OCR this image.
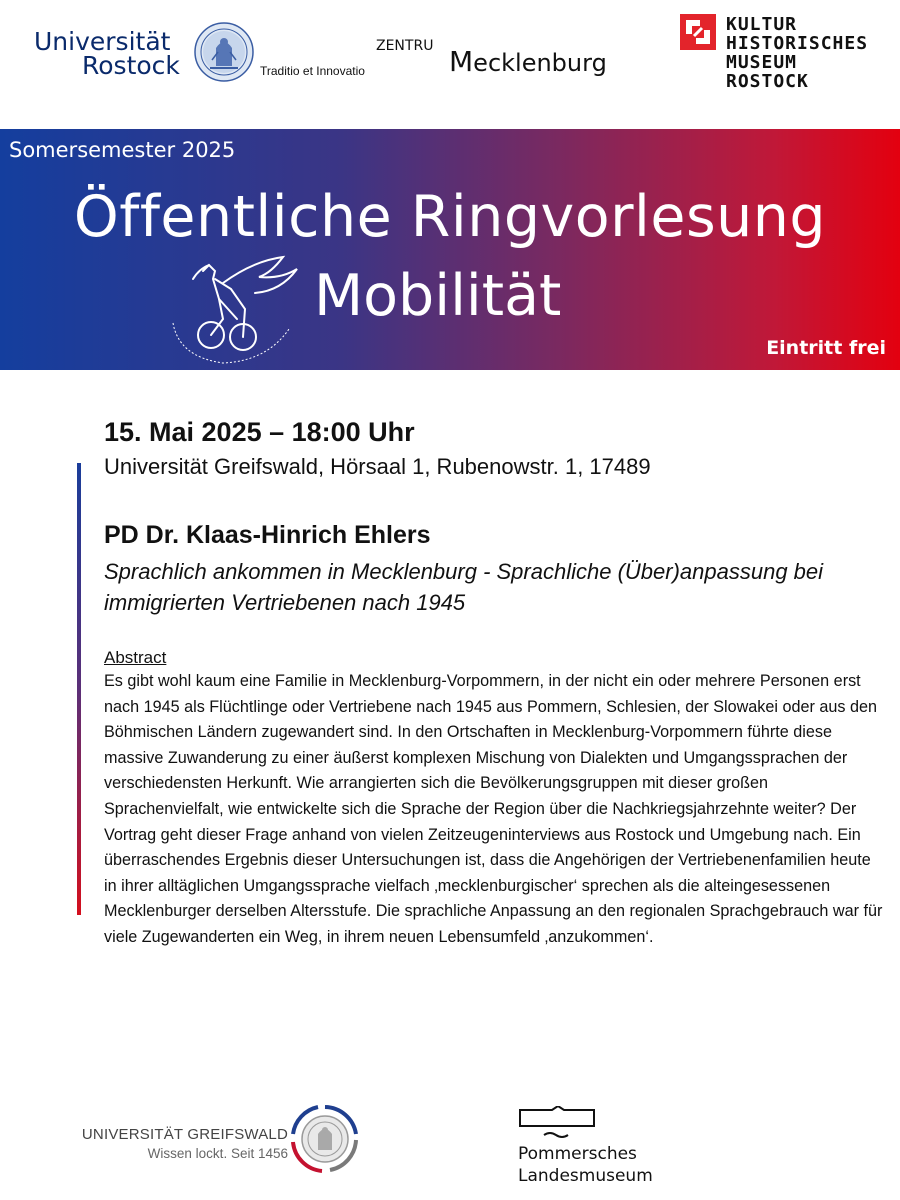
Universität
Rostock	Traditio et Innovatio
ZENTRU Mecklenburg
KULTUR
HISTORISCHES
MUSEUM
ROSTOCK
Somersemester 2025
Öffentliche Ringvorlesung
Mobilität
Eintritt frei
15. Mai 2025 – 18:00 Uhr
Universität Greifswald, Hörsaal 1, Rubenowstr. 1, 17489
PD Dr. Klaas-Hinrich Ehlers
Sprachlich ankommen in Mecklenburg - Sprachliche (Über)anpassung bei immigrierten Vertriebenen nach 1945
Abstract
Es gibt wohl kaum eine Familie in Mecklenburg-Vorpommern, in der nicht ein oder mehrere Personen erst nach 1945 als Flüchtlinge oder Vertriebene nach 1945 aus Pommern, Schlesien, der Slowakei oder aus den Böhmischen Ländern zugewandert sind. In den Ortschaften in Mecklenburg-Vorpommern führte diese massive Zuwanderung zu einer äußerst komplexen Mischung von Dialekten und Umgangssprachen der verschiedensten Herkunft. Wie arrangierten sich die Bevölkerungsgruppen mit dieser großen Sprachenvielfalt, wie entwickelte sich die Sprache der Region über die Nachkriegsjahrzehnte weiter? Der Vortrag geht dieser Frage anhand von vielen Zeitzeugeninterviews aus Rostock und Umgebung nach. Ein überraschendes Ergebnis dieser Untersuchungen ist, dass die Angehörigen der Vertriebenenfamilien heute in ihrer alltäglichen Umgangssprache vielfach ‚mecklenburgischer‘ sprechen als die alteingesessenen Mecklenburger derselben Altersstufe. Die sprachliche Anpassung an den regionalen Sprachgebrauch war für viele Zugewanderten ein Weg, in ihrem neuen Lebensumfeld ‚anzukommen‘.
UNIVERSITÄT GREIFSWALD
Wissen lockt. Seit 1456	Pommersches
Landesmuseum
